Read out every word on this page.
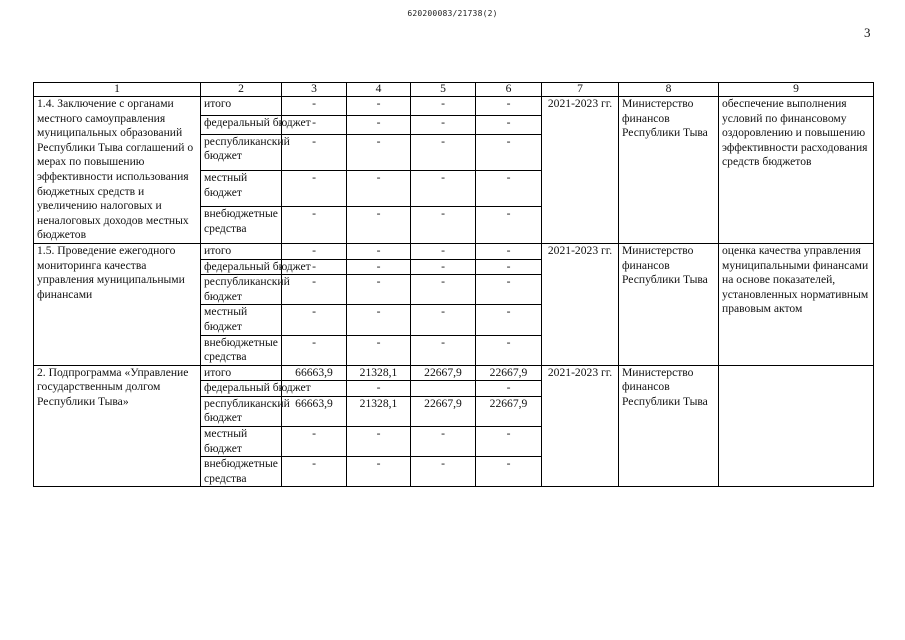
620200083/21738(2)
3
1	2	3	4	5	6	7	8	9
1.4. Заключение с органами местного самоуправления муниципальных образований Республики Тыва соглашений о мерах по повышению эффективности использования бюджетных средств и увеличению налоговых и неналоговых доходов местных бюджетов	итого	-	-	-	-	2021-2023 гг.	Министерство финансов Республики Тыва	обеспечение выполнения условий по финансовому оздоровлению и повышению эффективности расходования средств бюджетов
	федеральный бюджет	-	-	-	-			
	республиканский бюджет	-	-	-	-			
	местный бюджет	-	-	-	-			
	внебюджетные средства	-	-	-	-			
1.5. Проведение ежегодного мониторинга качества управления муниципальными финансами	итого	-	-	-	-	2021-2023 гг.	Министерство финансов Республики Тыва	оценка качества управления муниципальными финансами на основе показателей, установленных нормативным правовым актом
	федеральный бюджет	-	-	-	-			
	республиканский бюджет	-	-	-	-			
	местный бюджет	-	-	-	-			
	внебюджетные средства	-	-	-	-			
2. Подпрограмма «Управление государственным долгом Республики Тыва»	итого	66663,9	21328,1	22667,9	22667,9	2021-2023 гг.	Министерство финансов Республики Тыва	
	федеральный бюджет		-		-			
	республиканский бюджет	66663,9	21328,1	22667,9	22667,9			
	местный бюджет	-	-	-	-			
	внебюджетные средства	-	-	-	-			
